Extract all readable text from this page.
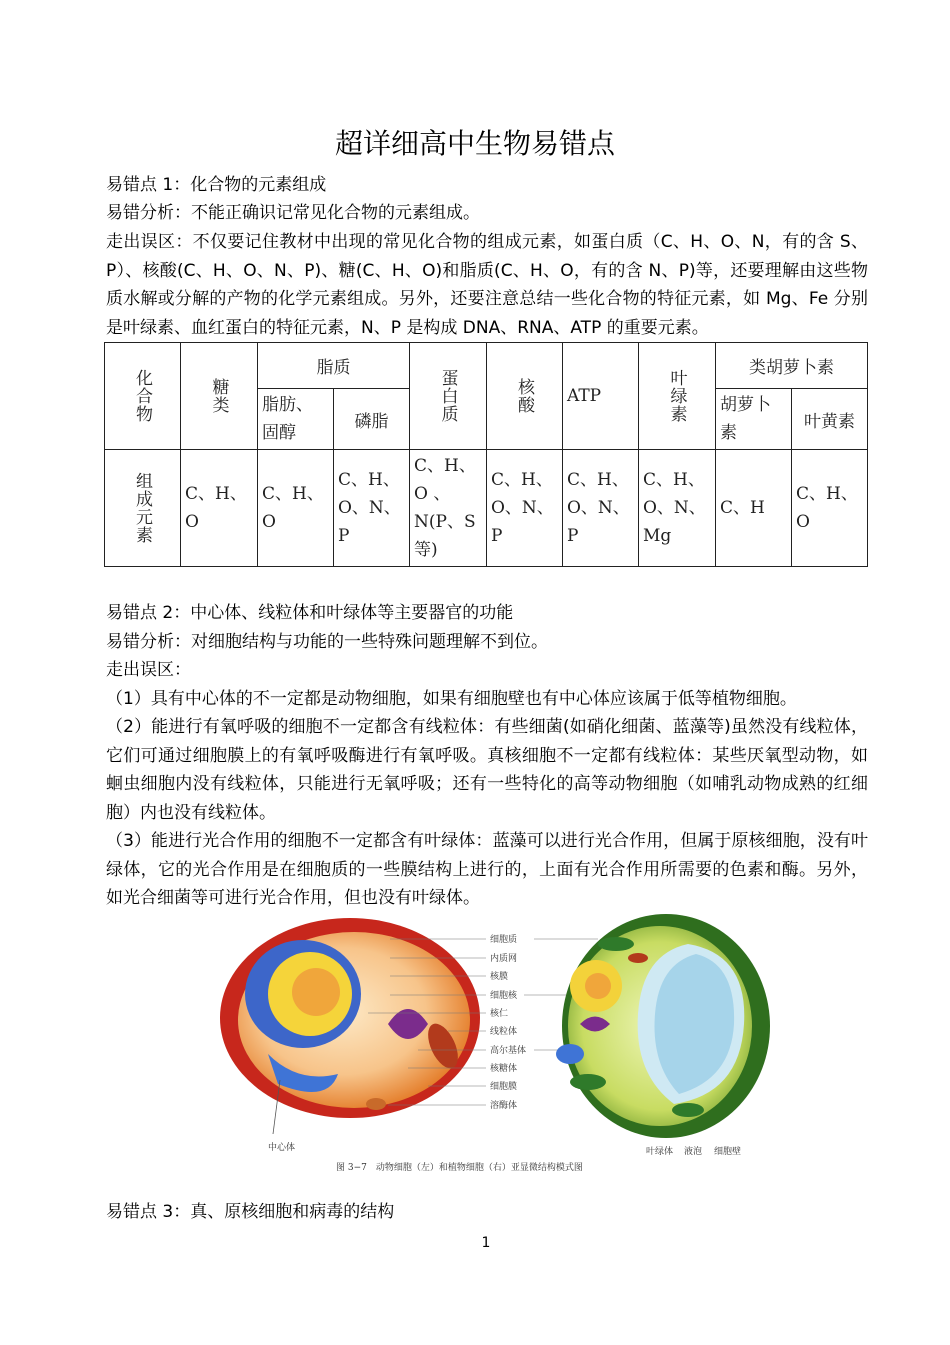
超详细高中生物易错点
易错点 1：化合物的元素组成
易错分析：不能正确识记常见化合物的元素组成。
走出误区：不仅要记住教材中出现的常见化合物的组成元素，如蛋白质（C、H、O、N，有的含 S、P）、核酸(C、H、O、N、P)、糖(C、H、O)和脂质(C、H、O，有的含 N、P)等，还要理解由这些物质水解或分解的产物的化学元素组成。另外，还要注意总结一些化合物的特征元素，如 Mg、Fe 分别是叶绿素、血红蛋白的特征元素，N、P 是构成 DNA、RNA、ATP 的重要元素。
化合物	糖类	脂质		蛋白质	核酸	ATP	叶绿素	类胡萝卜素	
		脂肪、固醇	磷脂					胡萝卜素	叶黄素

组成元素	C、H、O	C、H、O	C、H、O、N、P	C、H、O 、N(P、S 等)	C、H、O、N、P	C、H、O、N、P	C、H、O、N、Mg	C、H	C、H、O
易错点 2：中心体、线粒体和叶绿体等主要器官的功能
易错分析：对细胞结构与功能的一些特殊问题理解不到位。
走出误区：
（1）具有中心体的不一定都是动物细胞，如果有细胞壁也有中心体应该属于低等植物细胞。
（2）能进行有氧呼吸的细胞不一定都含有线粒体：有些细菌(如硝化细菌、蓝藻等)虽然没有线粒体，它们可通过细胞膜上的有氧呼吸酶进行有氧呼吸。真核细胞不一定都有线粒体：某些厌氧型动物，如蛔虫细胞内没有线粒体，只能进行无氧呼吸；还有一些特化的高等动物细胞（如哺乳动物成熟的红细胞）内也没有线粒体。
（3）能进行光合作用的细胞不一定都含有叶绿体：蓝藻可以进行光合作用，但属于原核细胞，没有叶绿体，它的光合作用是在细胞质的一些膜结构上进行的，上面有光合作用所需要的色素和酶。另外，如光合细菌等可进行光合作用，但也没有叶绿体。
中心体
细胞质
内质网
核膜
细胞核
核仁
线粒体
高尔基体
核糖体
细胞膜
溶酶体
叶绿体 液泡 细胞壁
图 3−7　动物细胞（左）和植物细胞（右）亚显微结构模式图
易错点 3：真、原核细胞和病毒的结构
1
